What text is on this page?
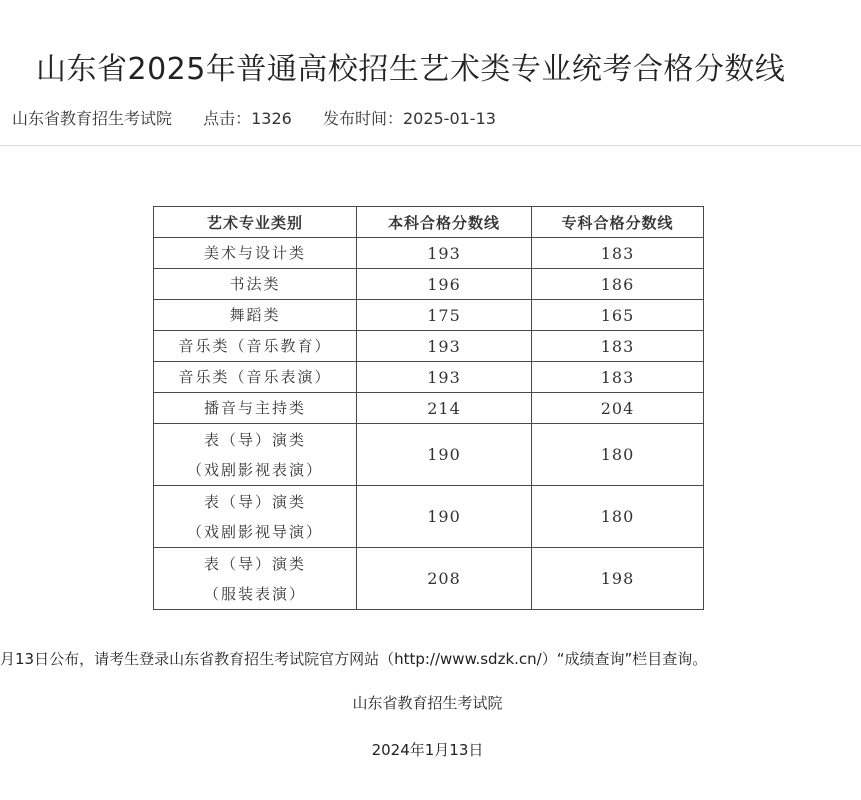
山东省2025年普通高校招生艺术类专业统考合格分数线
山东省教育招生考试院 点击：1326 发布时间：2025-01-13
艺术专业类别	本科合格分数线	专科合格分数线

美术与设计类	193	183

书法类	196	186

舞蹈类	175	165

音乐类（音乐教育）	193	183

音乐类（音乐表演）	193	183

播音与主持类	214	204

表（导）演类
（戏剧影视表演）	190	180

表（导）演类
（戏剧影视导演）	190	180

表（导）演类
（服装表演）	208	198
月13日公布，请考生登录山东省教育招生考试院官方网站（http://www.sdzk.cn/）“成绩查询”栏目查询。
山东省教育招生考试院
2024年1月13日
